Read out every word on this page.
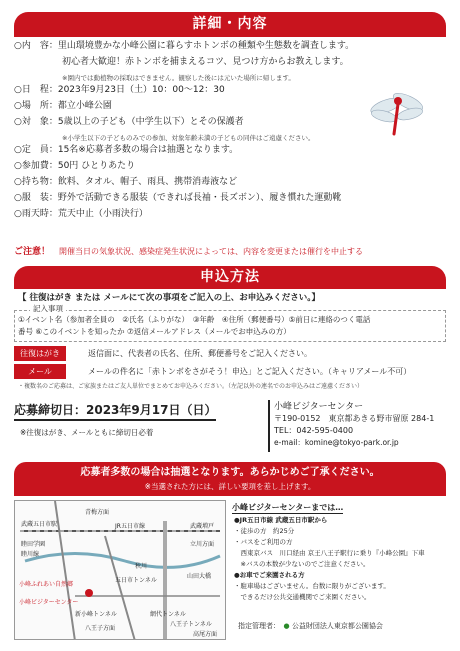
詳細・内容
○内　容：里山環境豊かな小峰公園に暮らすホトンボの種類や生態数を調査します。
初心者大歓迎！赤トンボを捕まえるコツ、見つけ方からお教えします。
※園内では動植物の採取はできません。観察した後には元いた場所に帰します。
○日　程：2023年9月23日（土）10：00～12：30
○場　所：都立小峰公園
○対　象：5歳以上の子ども（中学生以下）とその保護者
※小学生以下の子どものみでの参加、対象年齢未満の子どもの同伴はご遠慮ください。
○定　員：15名※応募者多数の場合は抽選となります。
○参加費：50円 ひとりあたり
○持ち物：飲料、タオル、帽子、雨具、携帯消毒液など
○服　装：野外で活動できる服装（できれば長袖・長ズボン）、履き慣れた運動靴
○雨天時：荒天中止（小雨決行）
ご注意！　 開催当日の気象状況、感染症発生状況によっては、内容を変更または催行を中止する
申込方法
【 往復はがき または メールにて次の事項をご記入の上、お申込みください。】
記入事項
①イベント名（参加者全員の　②氏名（ふりがな）　③年齢　④住所（郵便番号）⑤前日に連絡のつく電話
番号 ⑥このイベントを知ったか ⑦返信メールアドレス（メールでお申込みの方）
往復はがき	返信面に、代表者の氏名、住所、郵便番号をご記入ください。
メール	メールの件名に「赤トンボをさがそう！申込」とご記入ください。（キャリアメール不可）
・複数名のご応募は、ご家族またはご友人単位でまとめてお申込みください。（左記以外の連名でのお申込みはご遠慮ください）
応募締切日：2023年9月17日（日）
※往復はがき、メールともに締切日必着
小峰ビジターセンター
〒190-0152　東京都あきる野市留原 284-1
TEL：042-595-0400
e-mail：komine@tokyo-park.or.jp
応募者多数の場合は抽選となります。あらかじめご了承ください。
※当選された方には、詳しい要項を差し上げます。
青梅方面
武蔵五日市駅	JR五日市線
睦田学園
睦川線
武蔵増戸
秋川
五日市トンネル
新小峰トンネル
小峰ふれあい自然郷
小峰ビジターセンター
八王子方面
網代トンネル
立川方面
山田大橋
八王子トンネル
高尾方面
小峰ビジターセンターまでは…
●JR五日市線 武蔵五日市駅から
・徒歩の方　約25分
・バスをご利用の方
　西東京バス　川口経由 京王八王子駅行に乗り『小峰公園』下車
　※バスの本数が少ないのでご注意ください。
●お車でご来園される方
・駐車場はございません。台数に限りがございます。
　できるだけ公共交通機関でご来園ください。
指定管理者：　 ● 公益財団法人東京都公園協会
